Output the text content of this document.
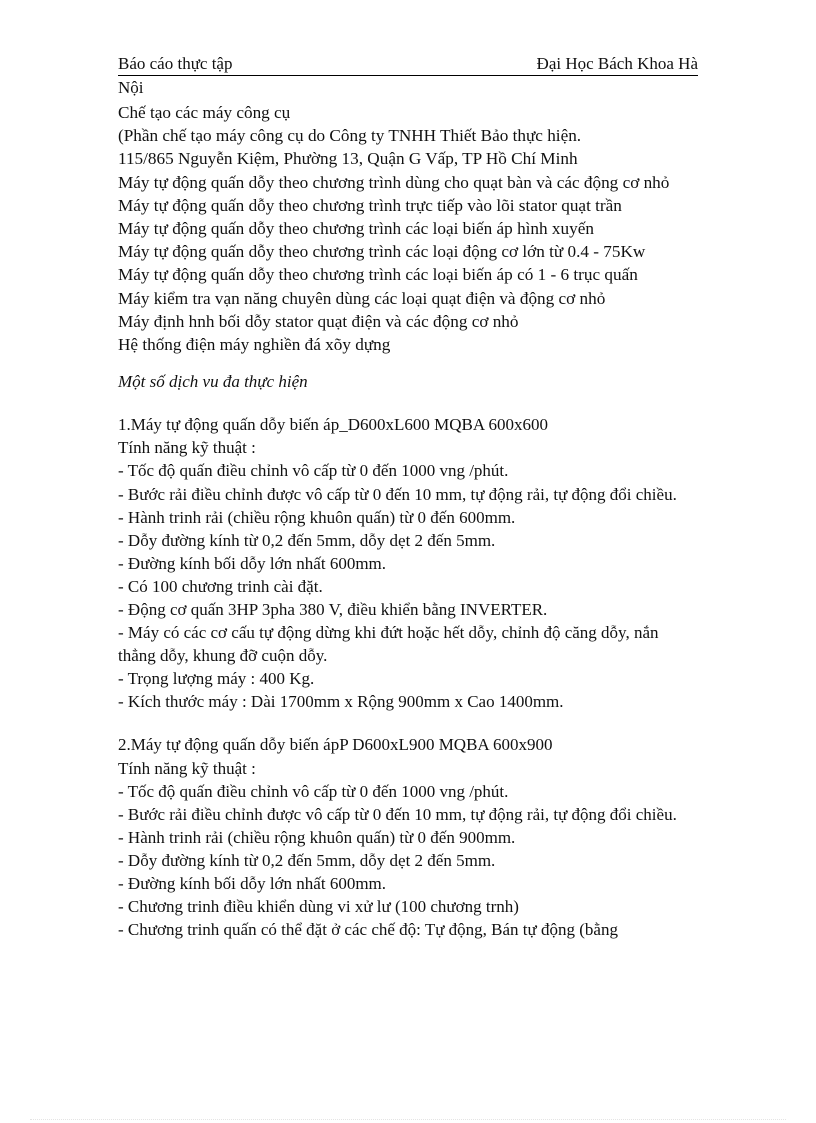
Báo cáo thực tập	Đại Học Bách Khoa Hà
Nội
Chế tạo các máy công cụ
(Phần chế tạo máy công cụ do Công ty TNHH Thiết Bảo thực hiện.
115/865 Nguyễn Kiệm, Phường 13, Quận G Vấp, TP Hồ Chí Minh
Máy tự động quấn dỗy theo chương trình dùng cho quạt bàn và các động cơ nhỏ
Máy tự động quấn dỗy theo chương trình trực tiếp vào lõi stator quạt trần
Máy tự động quấn dỗy theo chương trình các loại biến áp hình xuyến
Máy tự động quấn dỗy theo chương trình các loại động cơ lớn từ 0.4 - 75Kw
Máy tự động quấn dỗy theo chương trình các loại biến áp có 1 - 6 trục quấn
Máy kiểm tra vạn năng chuyên dùng các loại quạt điện và động cơ nhỏ
Máy định hnh bối dỗy stator quạt điện và các động cơ nhỏ
Hệ thống điện máy nghiền đá xõy dựng
Một số dịch vu đa thực hiện
1.Máy tự động quấn dỗy biến áp_D600xL600 MQBA 600x600
Tính năng kỹ thuật :
- Tốc độ quấn điều chỉnh vô cấp từ 0 đến 1000 vng /phút.
- Bước rải điều chỉnh được vô cấp từ 0 đến 10 mm, tự động rải, tự động đổi chiều.
- Hành trinh rải (chiều rộng khuôn quấn) từ 0 đến 600mm.
- Dỗy đường kính từ 0,2 đến 5mm, dỗy dẹt 2 đến 5mm.
- Đường kính bối dỗy lớn nhất 600mm.
- Có 100 chương trinh cài đặt.
- Động cơ quấn 3HP 3pha 380 V, điều khiển bằng INVERTER.
- Máy có các cơ cấu tự động dừng khi đứt hoặc hết dỗy, chỉnh độ căng dỗy, nắn thẳng dỗy, khung đỡ cuộn dỗy.
- Trọng lượng máy : 400 Kg.
- Kích thước máy : Dài 1700mm x Rộng 900mm x Cao 1400mm.
2.Máy tự động quấn dỗy biến ápP D600xL900 MQBA 600x900
Tính năng kỹ thuật :
- Tốc độ quấn điều chỉnh vô cấp từ 0 đến 1000 vng /phút.
- Bước rải điều chỉnh được vô cấp từ 0 đến 10 mm, tự động rải, tự động đổi chiều.
- Hành trinh rải (chiều rộng khuôn quấn) từ 0 đến 900mm.
- Dỗy đường kính từ 0,2 đến 5mm, dỗy dẹt 2 đến 5mm.
- Đường kính bối dỗy lớn nhất 600mm.
- Chương trinh điều khiển dùng vi xử lư (100 chương trnh)
- Chương trinh quấn có thể đặt ở các chế độ: Tự động, Bán tự động (bằng
